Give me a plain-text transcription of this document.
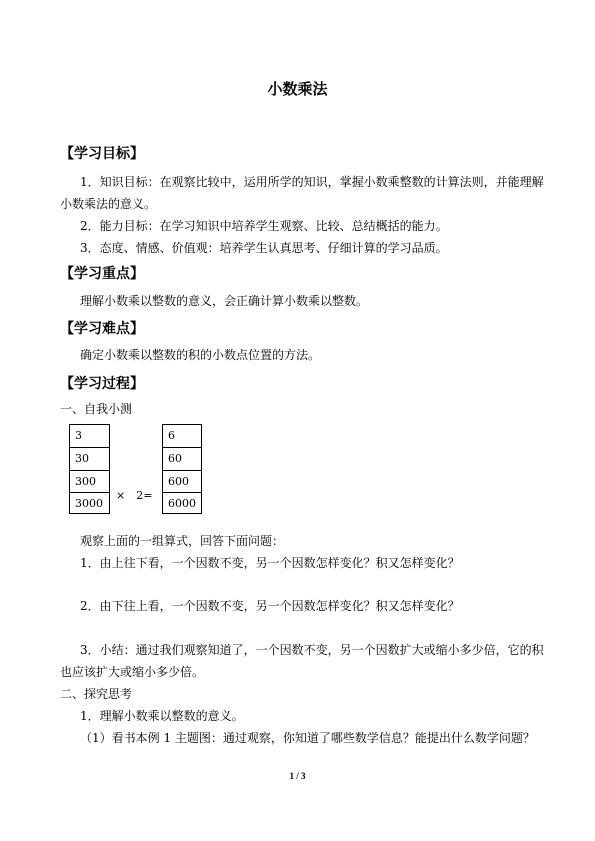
小数乘法
【学习目标】
1．知识目标：在观察比较中，运用所学的知识，掌握小数乘整数的计算法则，并能理解
小数乘法的意义。
2．能力目标：在学习知识中培养学生观察、比较、总结概括的能力。
3．态度、情感、价值观：培养学生认真思考、仔细计算的学习品质。
【学习重点】
理解小数乘以整数的意义，会正确计算小数乘以整数。
【学习难点】
确定小数乘以整数的积的小数点位置的方法。
【学习过程】
一、自我小测
3
30
300
3000
×　2=
6
60
600
6000
观察上面的一组算式，回答下面问题：
1．由上往下看，一个因数不变，另一个因数怎样变化？积又怎样变化？
2．由下往上看，一个因数不变，另一个因数怎样变化？积又怎样变化？
3．小结：通过我们观察知道了，一个因数不变，另一个因数扩大或缩小多少倍，它的积
也应该扩大或缩小多少倍。
二、探究思考
1．理解小数乘以整数的意义。
（1）看书本例 1 主题图：通过观察，你知道了哪些数学信息？能提出什么数学问题？
1 / 3
